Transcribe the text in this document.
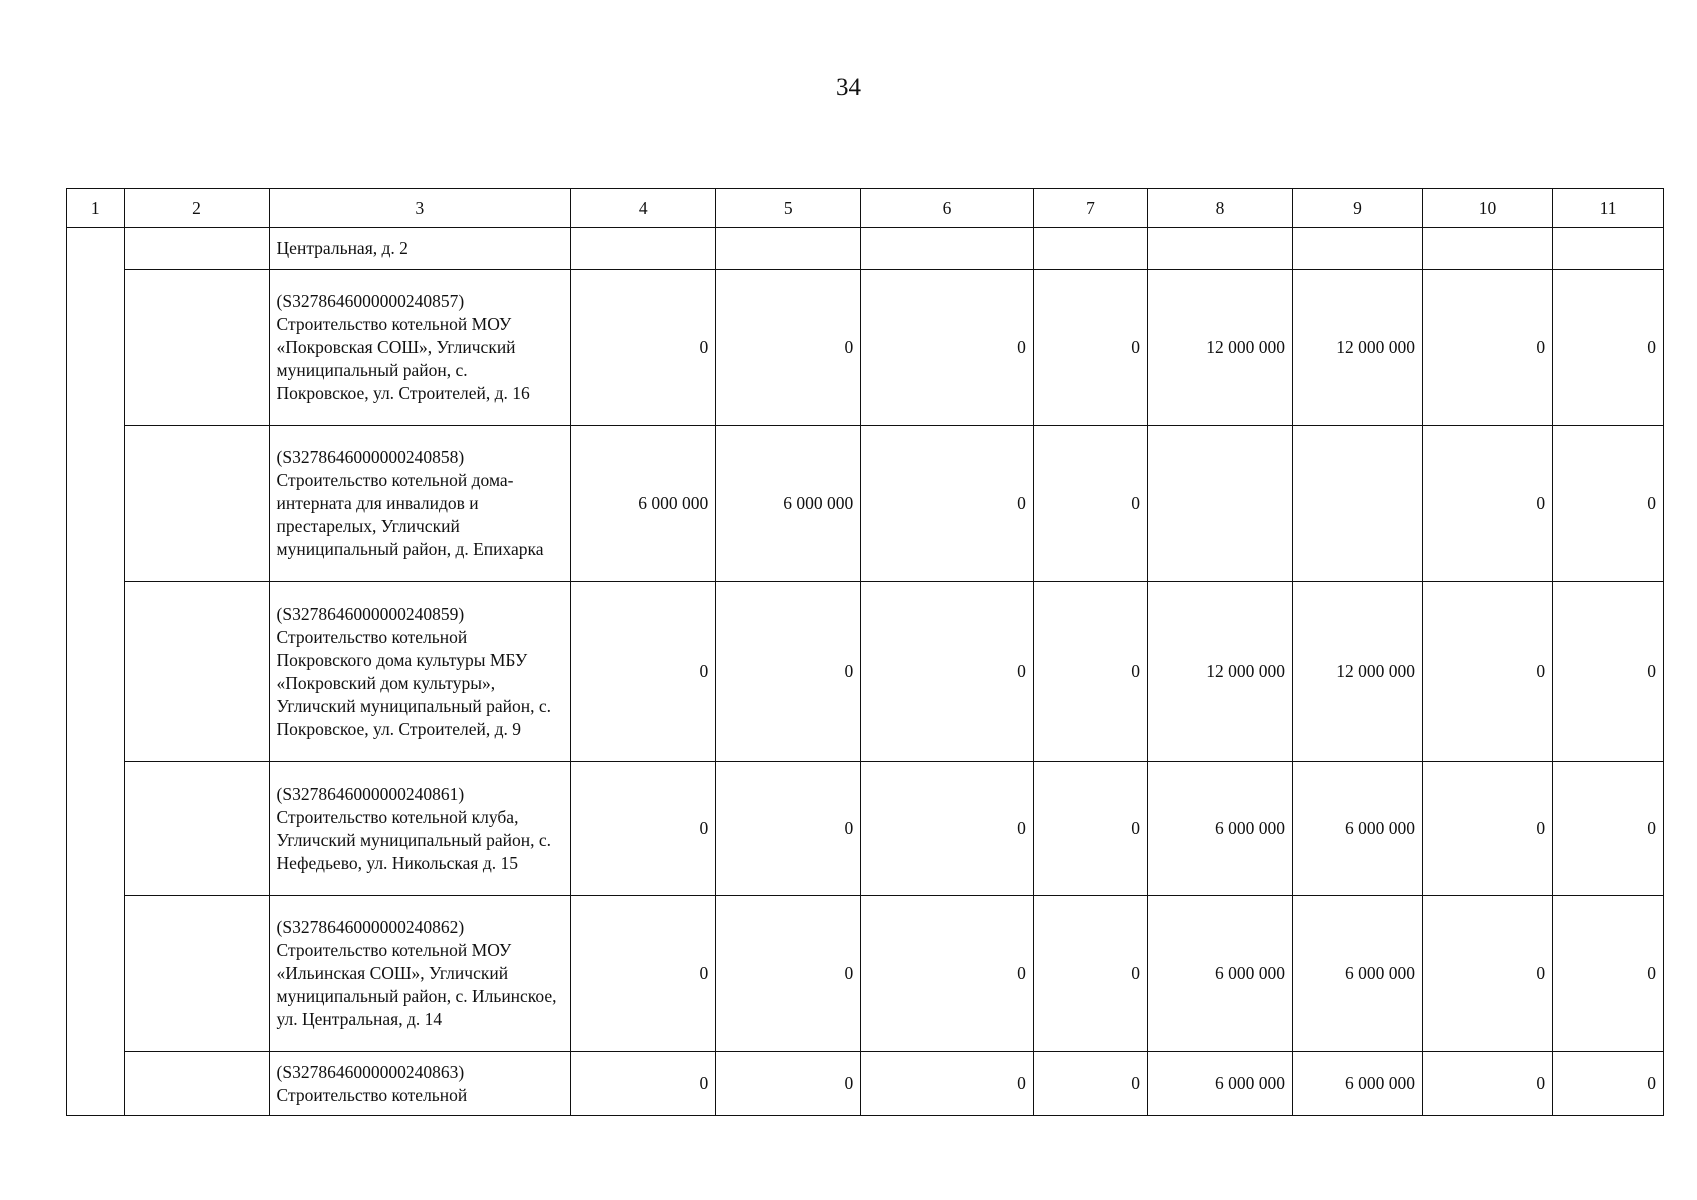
34
1	2	3	4	5	6	7	8	9	10	11
		Центральная, д. 2								
		(S3278646000000240857) Строительство котельной МОУ «Покровская СОШ», Угличский муниципальный район, с. Покровское, ул. Строителей, д. 16	0	0	0	0	12 000 000	12 000 000	0	0
		(S3278646000000240858) Строительство котельной дома-интерната для инвалидов и престарелых, Угличский муниципальный район, д. Епихарка	6 000 000	6 000 000	0	0			0	0
		(S3278646000000240859) Строительство котельной Покровского дома культуры МБУ «Покровский дом культуры», Угличский муниципальный район, с. Покровское, ул. Строителей, д. 9	0	0	0	0	12 000 000	12 000 000	0	0
		(S3278646000000240861) Строительство котельной клуба, Угличский муниципальный район, с. Нефедьево, ул. Никольская д. 15	0	0	0	0	6 000 000	6 000 000	0	0
		(S3278646000000240862) Строительство котельной МОУ «Ильинская СОШ», Угличский муниципальный район, с. Ильинское, ул. Центральная, д. 14	0	0	0	0	6 000 000	6 000 000	0	0
		(S3278646000000240863) Строительство котельной	0	0	0	0	6 000 000	6 000 000	0	0
